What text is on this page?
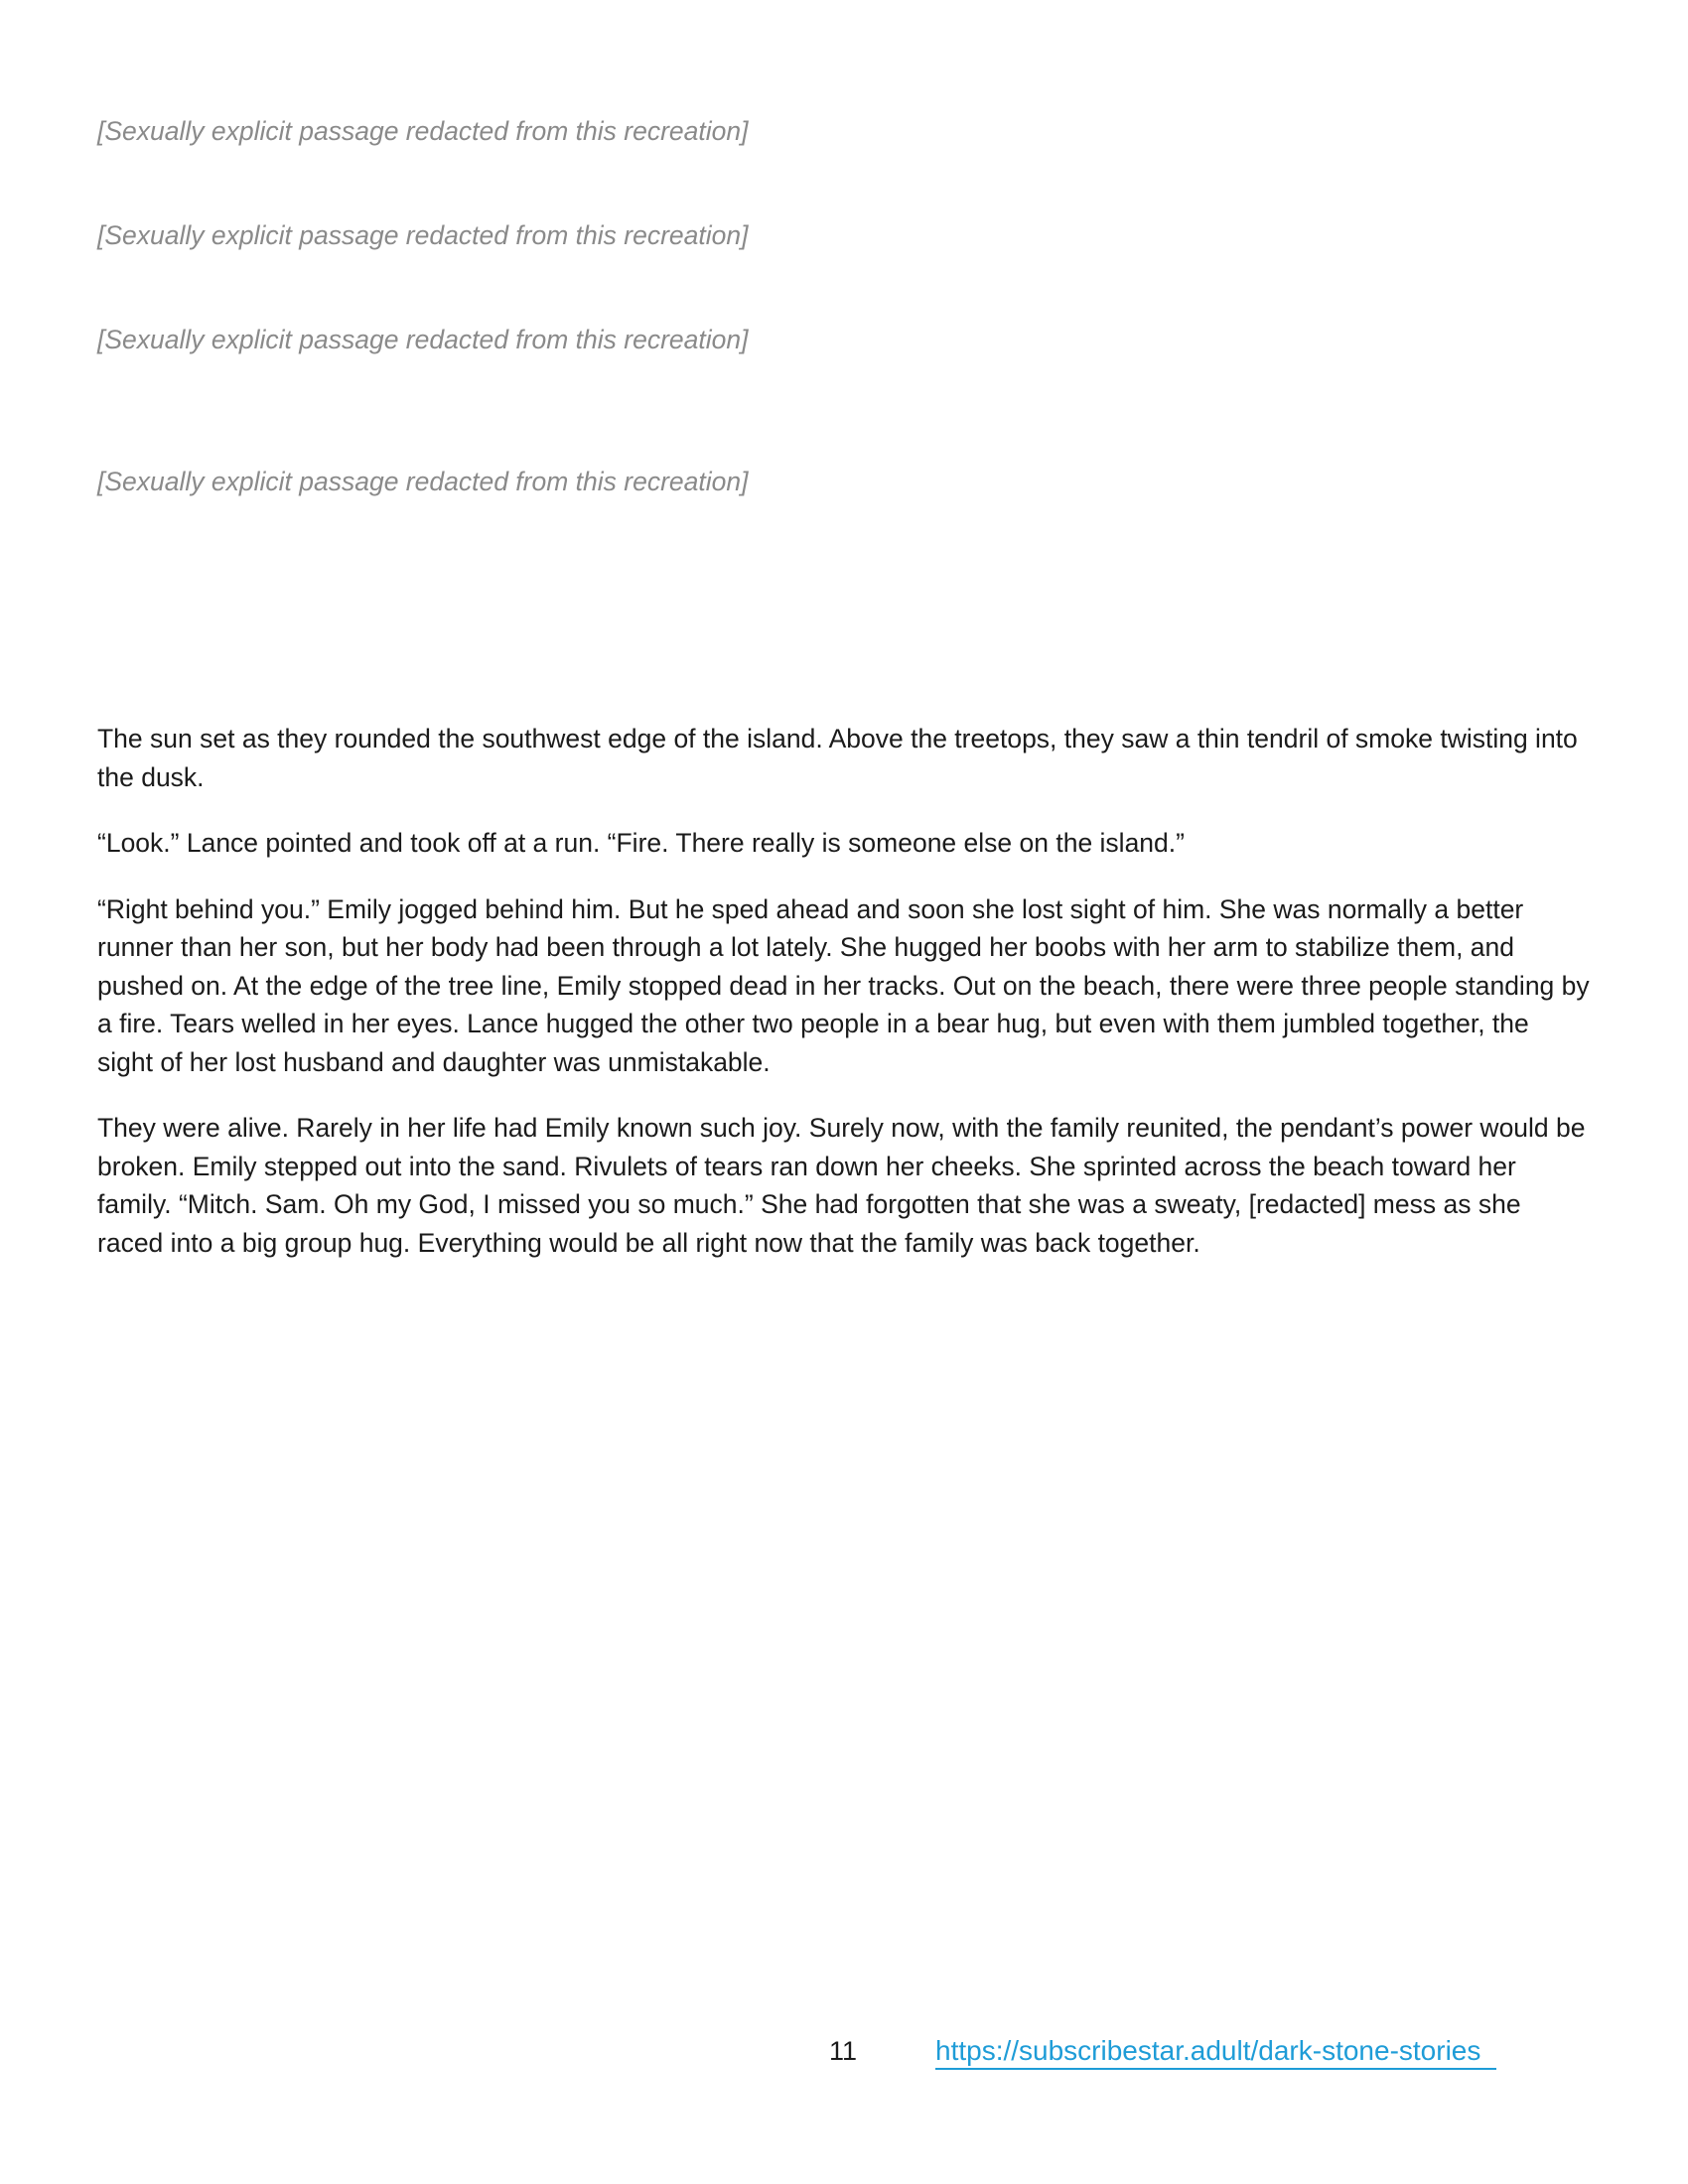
[Sexually explicit passage redacted from this recreation]

[Sexually explicit passage redacted from this recreation]

[Sexually explicit passage redacted from this recreation]

[Sexually explicit passage redacted from this recreation]

The sun set as they rounded the southwest edge of the island. Above the treetops, they saw a thin tendril of smoke twisting into the dusk.

“Look.” Lance pointed and took off at a run. “Fire. There really is someone else on the island.”

“Right behind you.” Emily jogged behind him. But he sped ahead and soon she lost sight of him. She was normally a better runner than her son, but her body had been through a lot lately. She hugged her boobs with her arm to stabilize them, and pushed on. At the edge of the tree line, Emily stopped dead in her tracks. Out on the beach, there were three people standing by a fire. Tears welled in her eyes. Lance hugged the other two people in a bear hug, but even with them jumbled together, the sight of her lost husband and daughter was unmistakable.

They were alive. Rarely in her life had Emily known such joy. Surely now, with the family reunited, the pendant’s power would be broken. Emily stepped out into the sand. Rivulets of tears ran down her cheeks. She sprinted across the beach toward her family. “Mitch. Sam. Oh my God, I missed you so much.” She had forgotten that she was a sweaty, [redacted] mess as she raced into a big group hug. Everything would be all right now that the family was back together.

11	https://subscribestar.adult/dark-stone-stories
